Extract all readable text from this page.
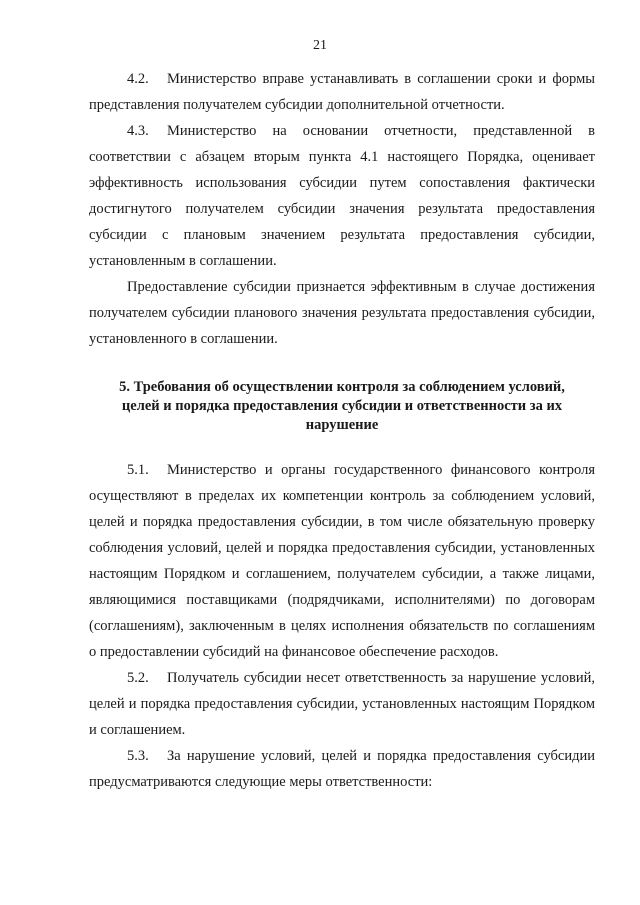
21

4.2. Министерство вправе устанавливать в соглашении сроки и формы представления получателем субсидии дополнительной отчетности.

4.3. Министерство на основании отчетности, представленной в соответствии с абзацем вторым пункта 4.1 настоящего Порядка, оценивает эффективность использования субсидии путем сопоставления фактически достигнутого получателем субсидии значения результата предоставления субсидии с плановым значением результата предоставления субсидии, установленным в соглашении.

Предоставление субсидии признается эффективным в случае достижения получателем субсидии планового значения результата предоставления субсидии, установленного в соглашении.

5. Требования об осуществлении контроля за соблюдением условий, целей и порядка предоставления субсидии и ответственности за их нарушение

5.1. Министерство и органы государственного финансового контроля осуществляют в пределах их компетенции контроль за соблюдением условий, целей и порядка предоставления субсидии, в том числе обязательную проверку соблюдения условий, целей и порядка предоставления субсидии, установленных настоящим Порядком и соглашением, получателем субсидии, а также лицами, являющимися поставщиками (подрядчиками, исполнителями) по договорам (соглашениям), заключенным в целях исполнения обязательств по соглашениям о предоставлении субсидий на финансовое обеспечение расходов.

5.2. Получатель субсидии несет ответственность за нарушение условий, целей и порядка предоставления субсидии, установленных настоящим Порядком и соглашением.

5.3. За нарушение условий, целей и порядка предоставления субсидии предусматриваются следующие меры ответственности:
